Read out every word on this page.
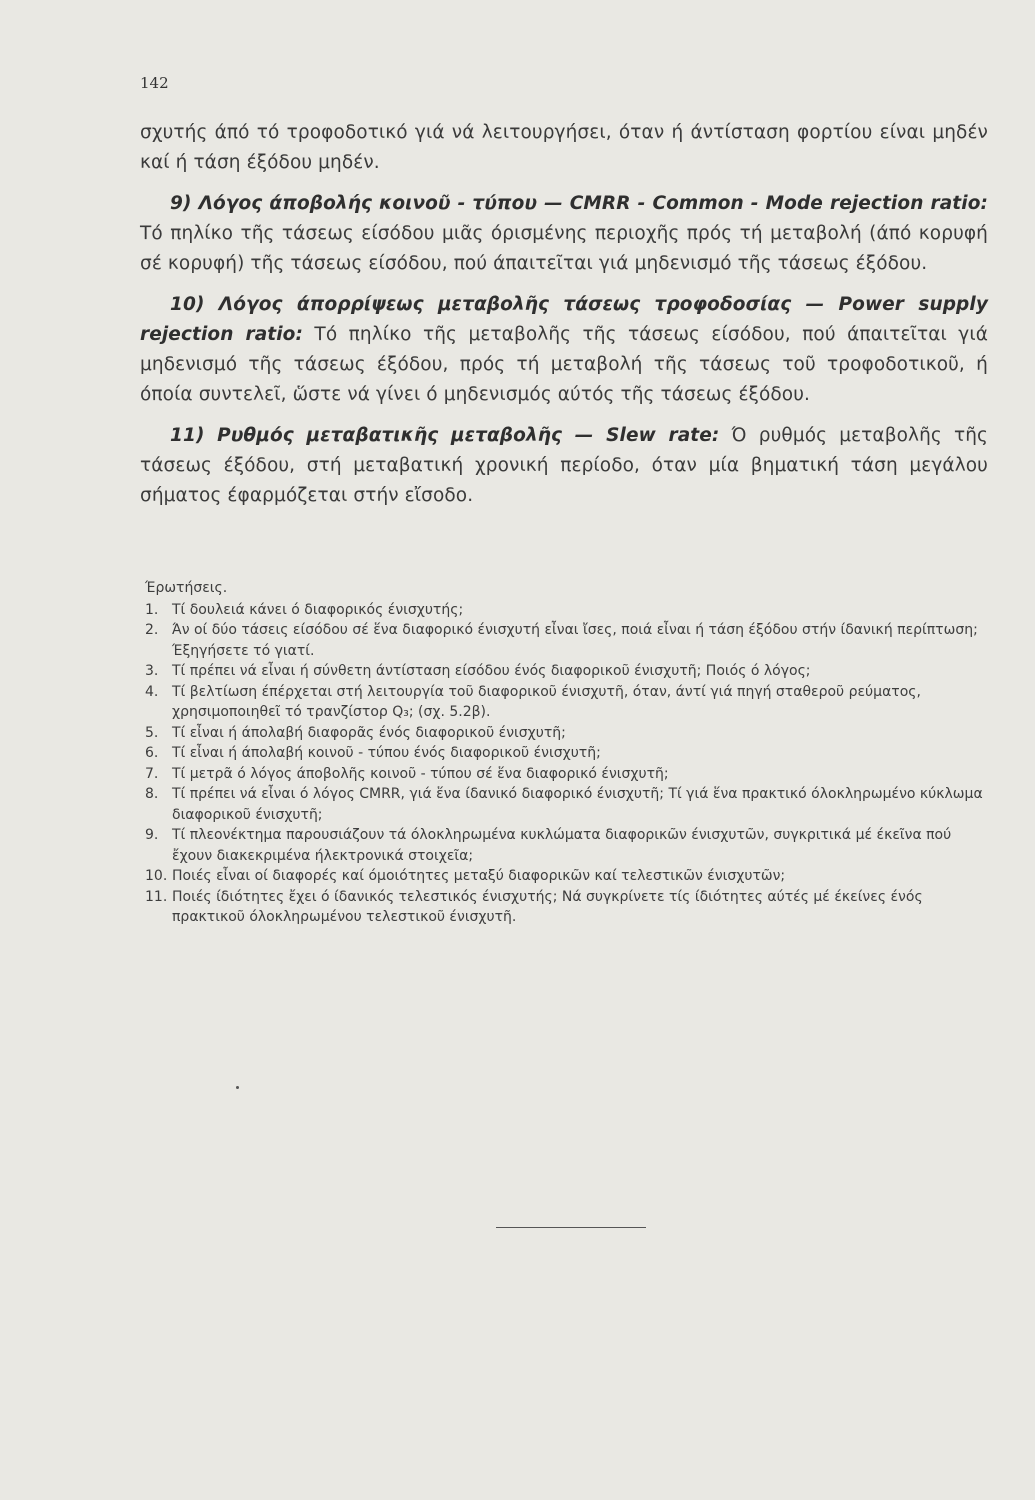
142

σχυτής άπό τό τροφοδοτικό γιά νά λειτουργήσει, όταν ή άντίσταση φορτίου είναι μηδέν καί ή τάση έξόδου μηδέν.

9) Λόγος άποβολής κοινοῦ - τύπου — CMRR - Common - Mode rejection ratio: Τό πηλίκο τῆς τάσεως είσόδου μιᾶς όρισμένης περιοχῆς πρός τή μεταβολή (άπό κορυφή σέ κορυφή) τῆς τάσεως είσόδου, πού άπαιτεῖται γιά μηδενισμό τῆς τάσεως έξόδου.

10) Λόγος άπορρίψεως μεταβολῆς τάσεως τροφοδοσίας — Power supply rejection ratio: Τό πηλίκο τῆς μεταβολῆς τῆς τάσεως είσόδου, πού άπαιτεῖται γιά μηδενισμό τῆς τάσεως έξόδου, πρός τή μεταβολή τῆς τάσεως τοῦ τροφοδοτικοῦ, ή όποία συντελεῖ, ὥστε νά γίνει ό μηδενισμός αύτός τῆς τάσεως έξόδου.

11) Ρυθμός μεταβατικῆς μεταβολῆς — Slew rate: Ό ρυθμός μεταβολῆς τῆς τάσεως έξόδου, στή μεταβατική χρονική περίοδο, όταν μία βηματική τάση μεγάλου σήματος έφαρμόζεται στήν εἴσοδο.

Έρωτήσεις.
1. Τί δουλειά κάνει ό διαφορικός ένισχυτής;
2. Άν οί δύο τάσεις είσόδου σέ ἕνα διαφορικό ένισχυτή εἶναι ἴσες, ποιά εἶναι ή τάση έξόδου στήν ίδανική περίπτωση; Έξηγήσετε τό γιατί.
3. Τί πρέπει νά εἶναι ή σύνθετη άντίσταση είσόδου ένός διαφορικοῦ ένισχυτῆ; Ποιός ό λόγος;
4. Τί βελτίωση έπέρχεται στή λειτουργία τοῦ διαφορικοῦ ένισχυτῆ, όταν, άντί γιά πηγή σταθεροῦ ρεύματος, χρησιμοποιηθεῖ τό τρανζίστορ Q₃; (σχ. 5.2β).
5. Τί εἶναι ή άπολαβή διαφορᾶς ένός διαφορικοῦ ένισχυτῆ;
6. Τί εἶναι ή άπολαβή κοινοῦ - τύπου ένός διαφορικοῦ ένισχυτῆ;
7. Τί μετρᾶ ό λόγος άποβολῆς κοινοῦ - τύπου σέ ἕνα διαφορικό ένισχυτῆ;
8. Τί πρέπει νά εἶναι ό λόγος CMRR, γιά ἕνα ίδανικό διαφορικό ένισχυτῆ; Τί γιά ἕνα πρακτικό όλοκληρωμένο κύκλωμα διαφορικοῦ ένισχυτῆ;
9. Τί πλεονέκτημα παρουσιάζουν τά όλοκληρωμένα κυκλώματα διαφορικῶν ένισχυτῶν, συγκριτικά μέ έκεῖνα πού ἔχουν διακεκριμένα ήλεκτρονικά στοιχεῖα;
10. Ποιές εἶναι οί διαφορές καί όμοιότητες μεταξύ διαφορικῶν καί τελεστικῶν ένισχυτῶν;
11. Ποιές ίδιότητες ἔχει ό ίδανικός τελεστικός ένισχυτής; Νά συγκρίνετε τίς ίδιότητες αύτές μέ έκείνες ένός πρακτικοῦ όλοκληρωμένου τελεστικοῦ ένισχυτῆ.
